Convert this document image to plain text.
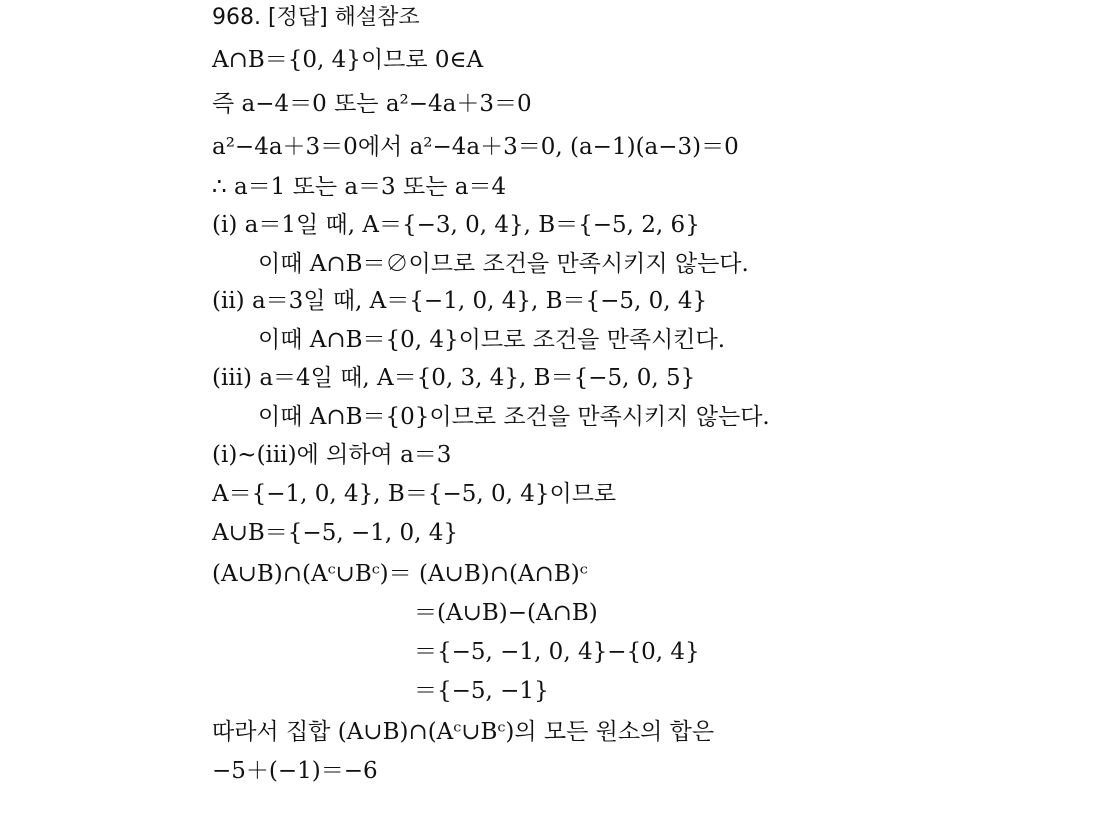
968. [정답] 해설참조
A∩B＝{0, 4}이므로 0∈A
즉 a−4＝0 또는 a²−4a＋3＝0
a²−4a＋3＝0에서 a²−4a＋3＝0, (a−1)(a−3)＝0
∴ a＝1 또는 a＝3 또는 a＝4
(ⅰ) a＝1일 때, A＝{−3, 0, 4}, B＝{−5, 2, 6}
이때 A∩B＝∅이므로 조건을 만족시키지 않는다.
(ⅱ) a＝3일 때, A＝{−1, 0, 4}, B＝{−5, 0, 4}
이때 A∩B＝{0, 4}이므로 조건을 만족시킨다.
(ⅲ) a＝4일 때, A＝{0, 3, 4}, B＝{−5, 0, 5}
이때 A∩B＝{0}이므로 조건을 만족시키지 않는다.
(ⅰ)~(ⅲ)에 의하여 a＝3
A＝{−1, 0, 4}, B＝{−5, 0, 4}이므로
A∪B＝{−5, −1, 0, 4}
(A∪B)∩(Aᶜ∪Bᶜ)＝ (A∪B)∩(A∩B)ᶜ
＝(A∪B)−(A∩B)
＝{−5, −1, 0, 4}−{0, 4}
＝{−5, −1}
따라서 집합 (A∪B)∩(Aᶜ∪Bᶜ)의 모든 원소의 합은
−5＋(−1)＝−6
